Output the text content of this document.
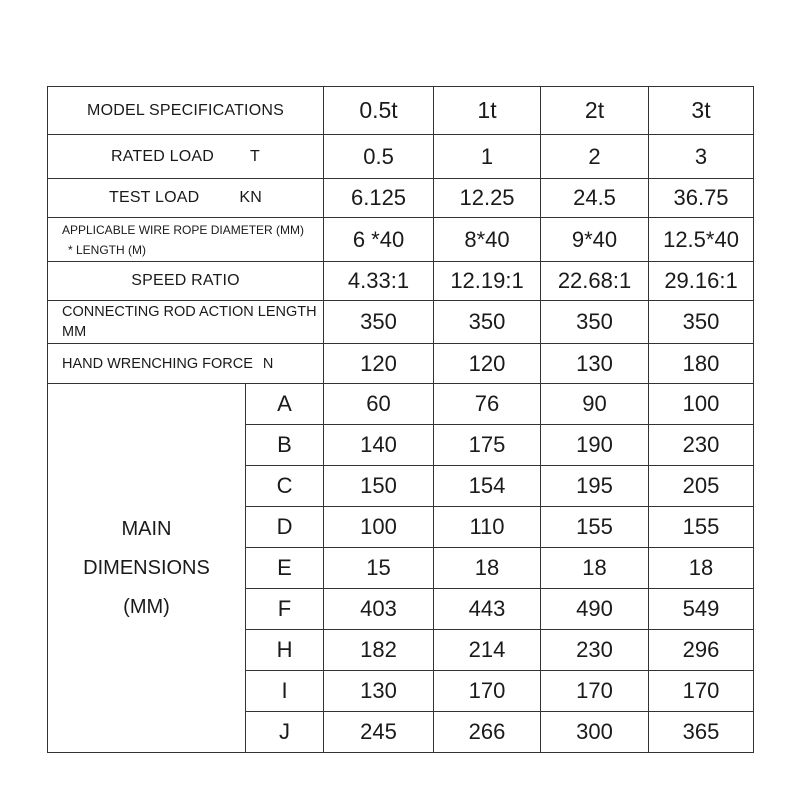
MODEL SPECIFICATIONS		0.5t	1t	2t	3t
RATED LOAD T		0.5	1	2	3
TEST LOAD KN		6.125	12.25	24.5	36.75
APPLICABLE WIRE ROPE DIAMETER (MM)
* LENGTH (M)		6 *40	8*40	9*40	12.5*40
SPEED RATIO		4.33:1	12.19:1	22.68:1	29.16:1
CONNECTING ROD ACTION LENGTH
MM		350	350	350	350
HAND WRENCHING FORCE N		120	120	130	180
MAIN
DIMENSIONS
(MM)	A	60	76	90	100
	B	140	175	190	230
	C	150	154	195	205
	D	100	110	155	155
	E	15	18	18	18
	F	403	443	490	549
	H	182	214	230	296
	I	130	170	170	170
	J	245	266	300	365
